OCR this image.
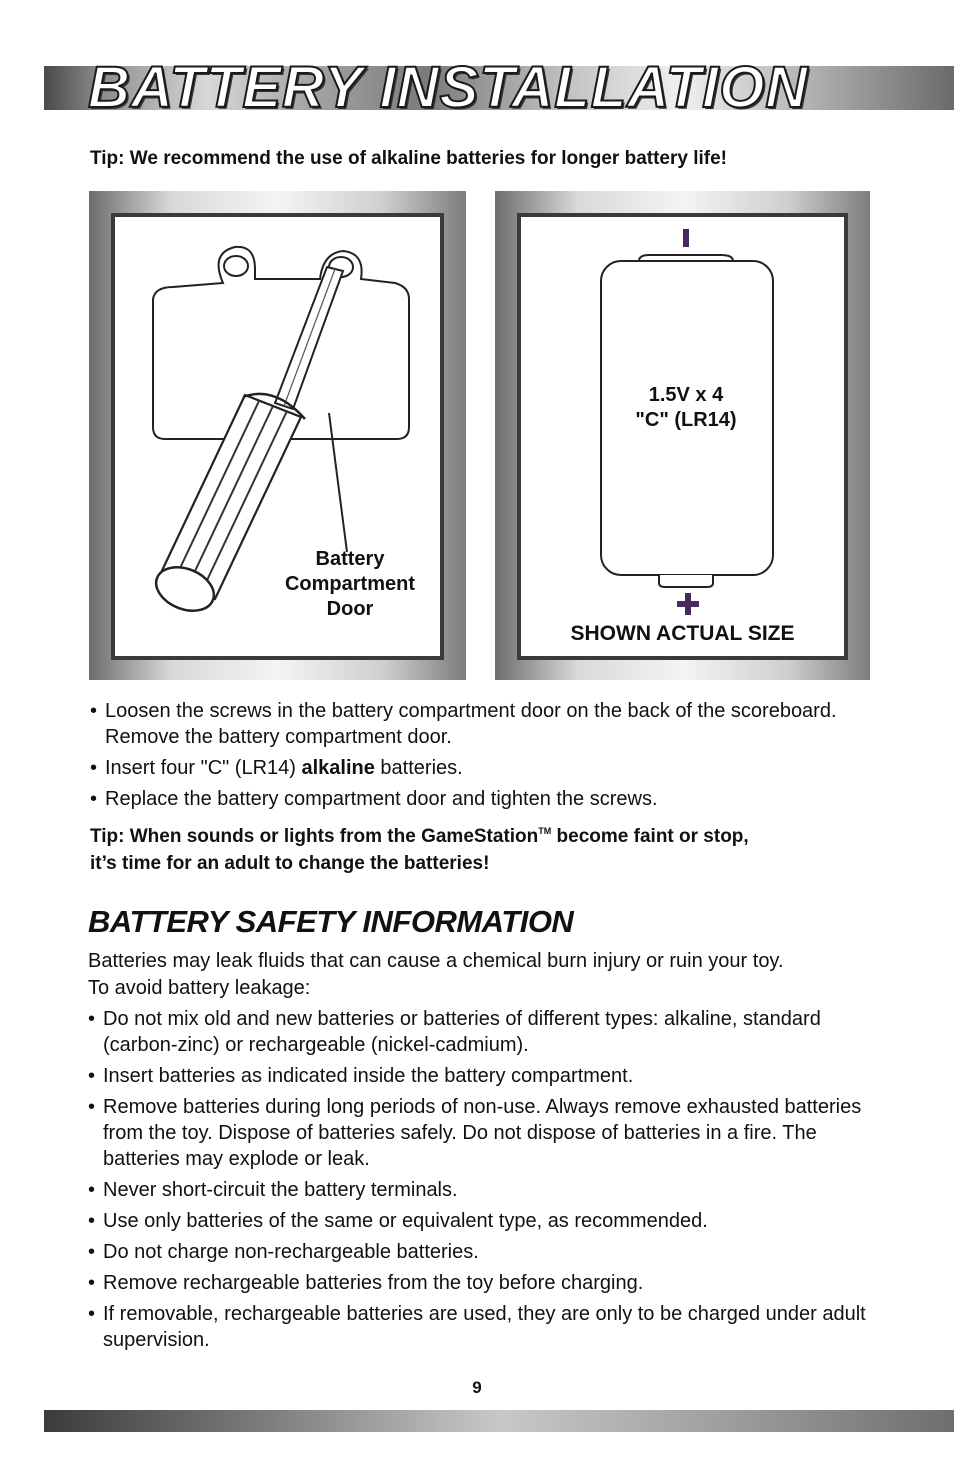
BATTERY INSTALLATION
Tip: We recommend the use of alkaline batteries for longer battery life!
Battery
Compartment
Door
1.5V x 4
"C" (LR14)
SHOWN ACTUAL SIZE
• Loosen the screws in the battery compartment door on the back of the scoreboard. Remove the battery compartment door.
• Insert four "C" (LR14) alkaline batteries.
• Replace the battery compartment door and tighten the screws.
Tip: When sounds or lights from the GameStation™ become faint or stop,
it’s time for an adult to change the batteries!
BATTERY SAFETY INFORMATION
Batteries may leak fluids that can cause a chemical burn injury or ruin your toy.
To avoid battery leakage:
• Do not mix old and new batteries or batteries of different types: alkaline, standard (carbon-zinc) or rechargeable (nickel-cadmium).
• Insert batteries as indicated inside the battery compartment.
• Remove batteries during long periods of non-use. Always remove exhausted batteries from the toy. Dispose of batteries safely. Do not dispose of batteries in a fire. The batteries may explode or leak.
• Never short-circuit the battery terminals.
• Use only batteries of the same or equivalent type, as recommended.
• Do not charge non-rechargeable batteries.
• Remove rechargeable batteries from the toy before charging.
• If removable, rechargeable batteries are used, they are only to be charged under adult supervision.
9
